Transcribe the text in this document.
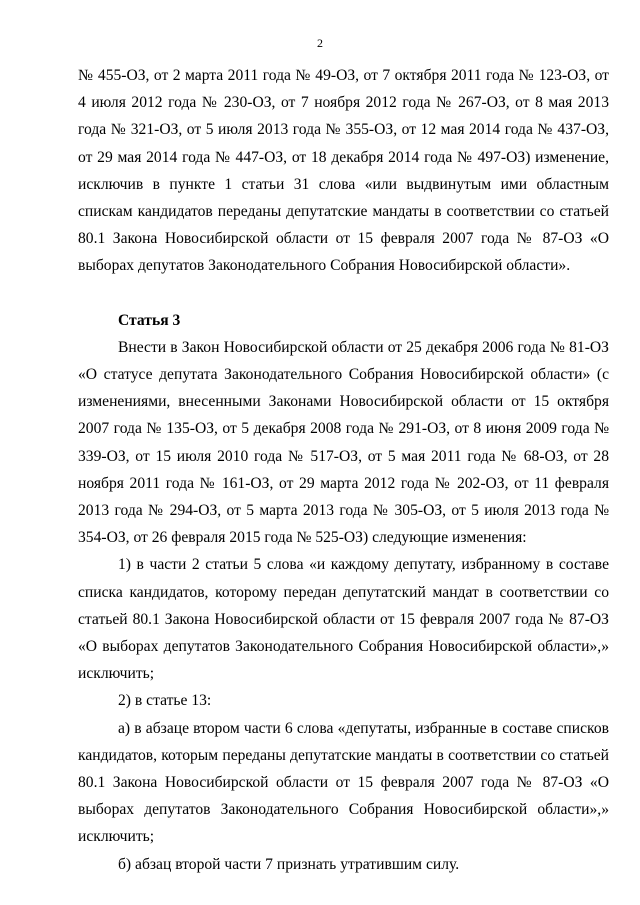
2

№ 455-ОЗ, от 2 марта 2011 года № 49-ОЗ, от 7 октября 2011 года № 123-ОЗ, от 4 июля 2012 года № 230-ОЗ, от 7 ноября 2012 года № 267-ОЗ, от 8 мая 2013 года № 321-ОЗ, от 5 июля 2013 года № 355-ОЗ, от 12 мая 2014 года № 437-ОЗ, от 29 мая 2014 года № 447-ОЗ, от 18 декабря 2014 года № 497-ОЗ) изменение, исключив в пункте 1 статьи 31 слова «или выдвинутым ими областным спискам кандидатов переданы депутатские мандаты в соответствии со статьей 80.1 Закона Новосибирской области от 15 февраля 2007 года № 87-ОЗ «О выборах депутатов Законодательного Собрания Новосибирской области».

Статья 3

Внести в Закон Новосибирской области от 25 декабря 2006 года № 81-ОЗ «О статусе депутата Законодательного Собрания Новосибирской области» (с изменениями, внесенными Законами Новосибирской области от 15 октября 2007 года № 135-ОЗ, от 5 декабря 2008 года № 291-ОЗ, от 8 июня 2009 года № 339-ОЗ, от 15 июля 2010 года № 517-ОЗ, от 5 мая 2011 года № 68-ОЗ, от 28 ноября 2011 года № 161-ОЗ, от 29 марта 2012 года № 202-ОЗ, от 11 февраля 2013 года № 294-ОЗ, от 5 марта 2013 года № 305-ОЗ, от 5 июля 2013 года № 354-ОЗ, от 26 февраля 2015 года № 525-ОЗ) следующие изменения:

1) в части 2 статьи 5 слова «и каждому депутату, избранному в составе списка кандидатов, которому передан депутатский мандат в соответствии со статьей 80.1 Закона Новосибирской области от 15 февраля 2007 года № 87-ОЗ «О выборах депутатов Законодательного Собрания Новосибирской области»,» исключить;

2) в статье 13:

а) в абзаце втором части 6 слова «депутаты, избранные в составе списков кандидатов, которым переданы депутатские мандаты в соответствии со статьей 80.1 Закона Новосибирской области от 15 февраля 2007 года № 87-ОЗ «О выборах депутатов Законодательного Собрания Новосибирской области»,» исключить;

б) абзац второй части 7 признать утратившим силу.
